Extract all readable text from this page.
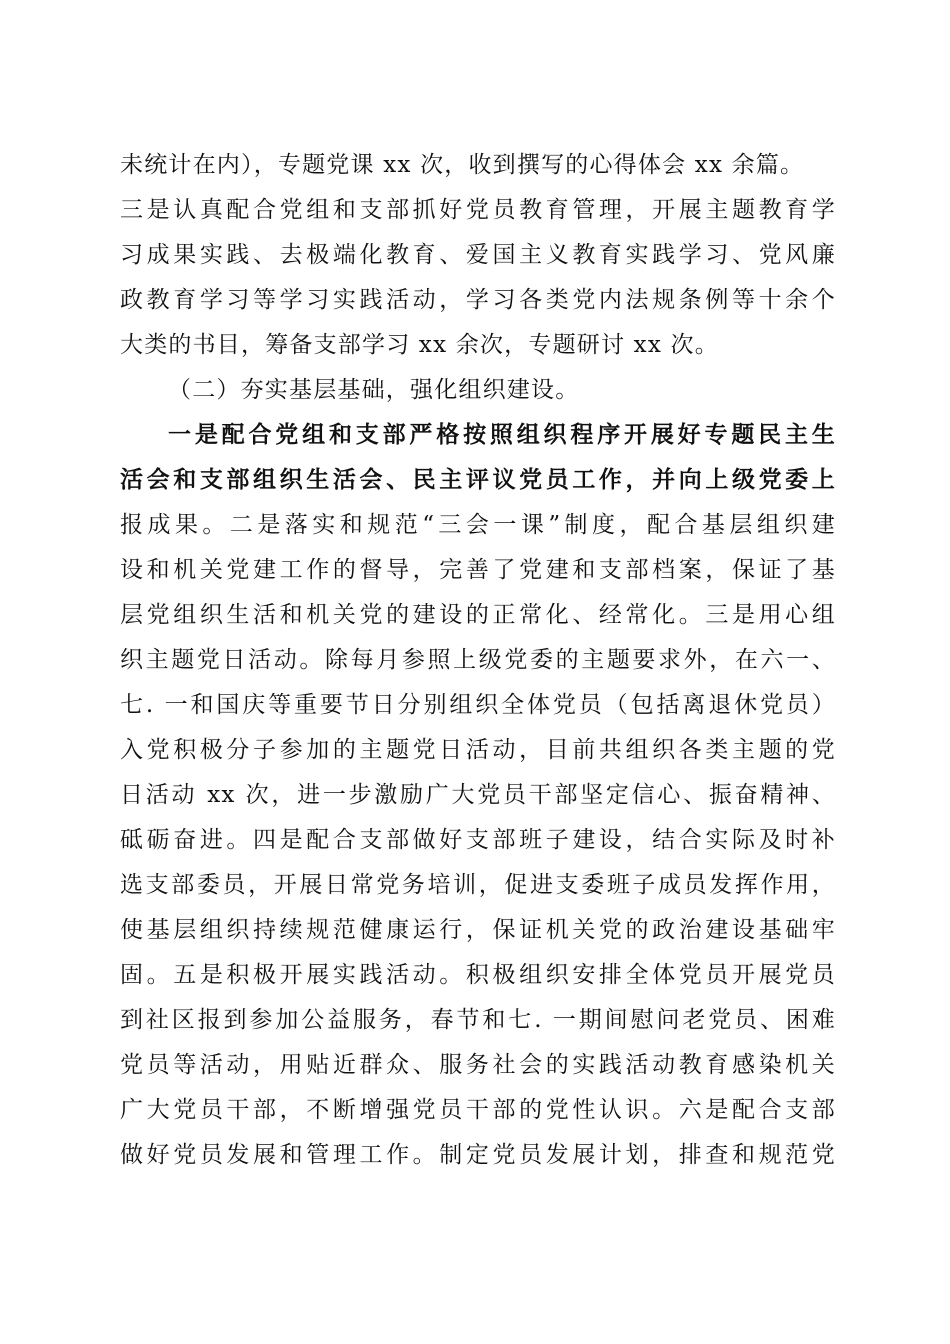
未统计在内），专题党课 xx 次，收到撰写的心得体会 xx 余篇。
三是认真配合党组和支部抓好党员教育管理，开展主题教育学
习成果实践、去极端化教育、爱国主义教育实践学习、党风廉
政教育学习等学习实践活动，学习各类党内法规条例等十余个
大类的书目，筹备支部学习 xx 余次，专题研讨 xx 次。
（二）夯实基层基础，强化组织建设。
一是配合党组和支部严格按照组织程序开展好专题民主生
活会和支部组织生活会、民主评议党员工作，并向上级党委上
报成果。二是落实和规范“三会一课”制度，配合基层组织建
设和机关党建工作的督导，完善了党建和支部档案，保证了基
层党组织生活和机关党的建设的正常化、经常化。三是用心组
织主题党日活动。除每月参照上级党委的主题要求外，在六一、
七. 一和国庆等重要节日分别组织全体党员（包括离退休党员）
入党积极分子参加的主题党日活动，目前共组织各类主题的党
日活动 xx 次，进一步激励广大党员干部坚定信心、振奋精神、
砥砺奋进。四是配合支部做好支部班子建设，结合实际及时补
选支部委员，开展日常党务培训，促进支委班子成员发挥作用，
使基层组织持续规范健康运行，保证机关党的政治建设基础牢
固。五是积极开展实践活动。积极组织安排全体党员开展党员
到社区报到参加公益服务，春节和七. 一期间慰问老党员、困难
党员等活动，用贴近群众、服务社会的实践活动教育感染机关
广大党员干部，不断增强党员干部的党性认识。六是配合支部
做好党员发展和管理工作。制定党员发展计划，排查和规范党
